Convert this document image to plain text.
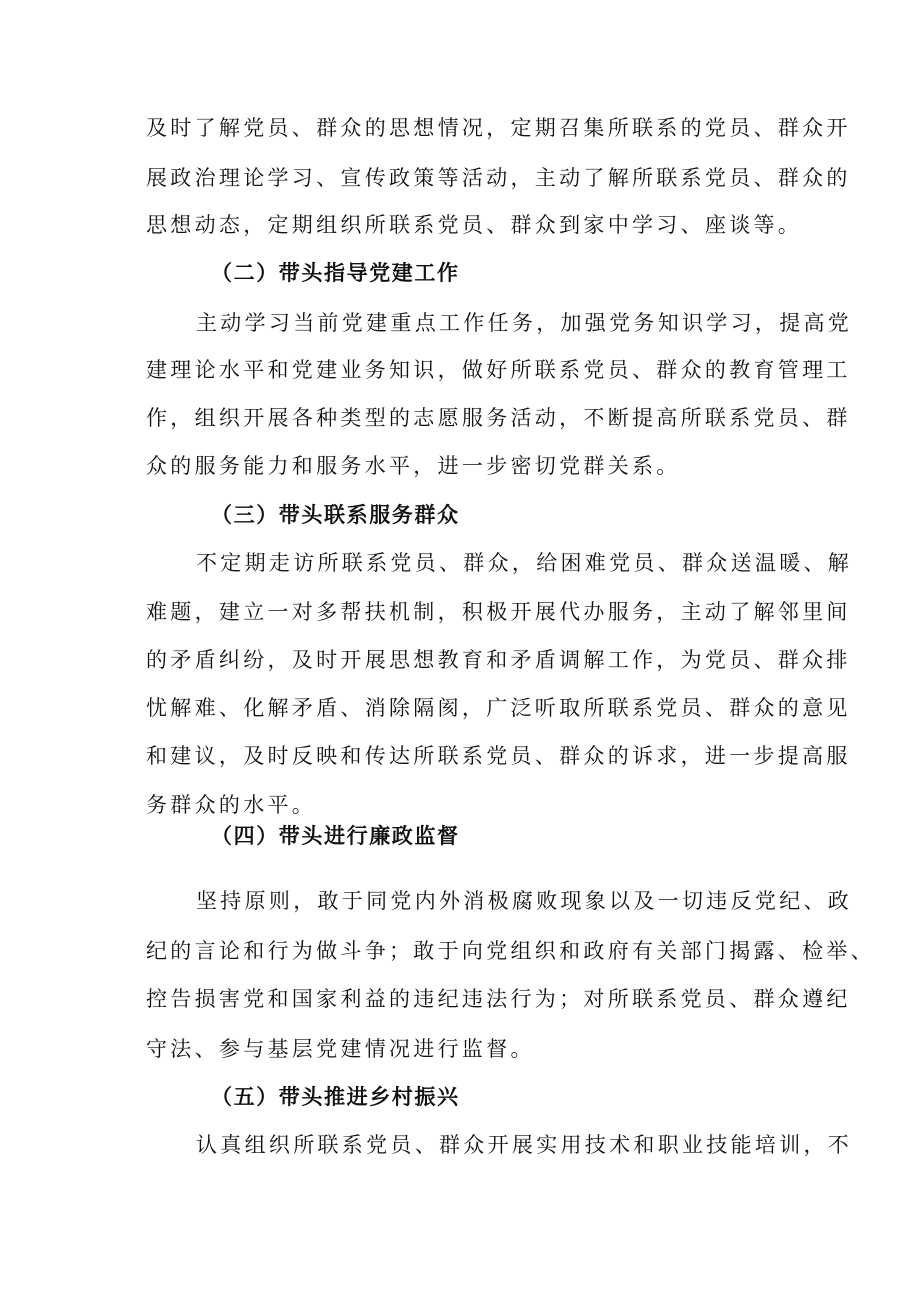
及时了解党员、群众的思想情况，定期召集所联系的党员、群众开
展政治理论学习、宣传政策等活动，主动了解所联系党员、群众的
思想动态，定期组织所联系党员、群众到家中学习、座谈等。
（二）带头指导党建工作
主动学习当前党建重点工作任务，加强党务知识学习，提高党
建理论水平和党建业务知识，做好所联系党员、群众的教育管理工
作，组织开展各种类型的志愿服务活动，不断提高所联系党员、群
众的服务能力和服务水平，进一步密切党群关系。
（三）带头联系服务群众
不定期走访所联系党员、群众，给困难党员、群众送温暖、解
难题，建立一对多帮扶机制，积极开展代办服务，主动了解邻里间
的矛盾纠纷，及时开展思想教育和矛盾调解工作，为党员、群众排
忧解难、化解矛盾、消除隔阂，广泛听取所联系党员、群众的意见
和建议，及时反映和传达所联系党员、群众的诉求，进一步提高服
务群众的水平。
（四）带头进行廉政监督
坚持原则，敢于同党内外消极腐败现象以及一切违反党纪、政
纪的言论和行为做斗争；敢于向党组织和政府有关部门揭露、检举、
控告损害党和国家利益的违纪违法行为；对所联系党员、群众遵纪
守法、参与基层党建情况进行监督。
（五）带头推进乡村振兴
认真组织所联系党员、群众开展实用技术和职业技能培训，不
